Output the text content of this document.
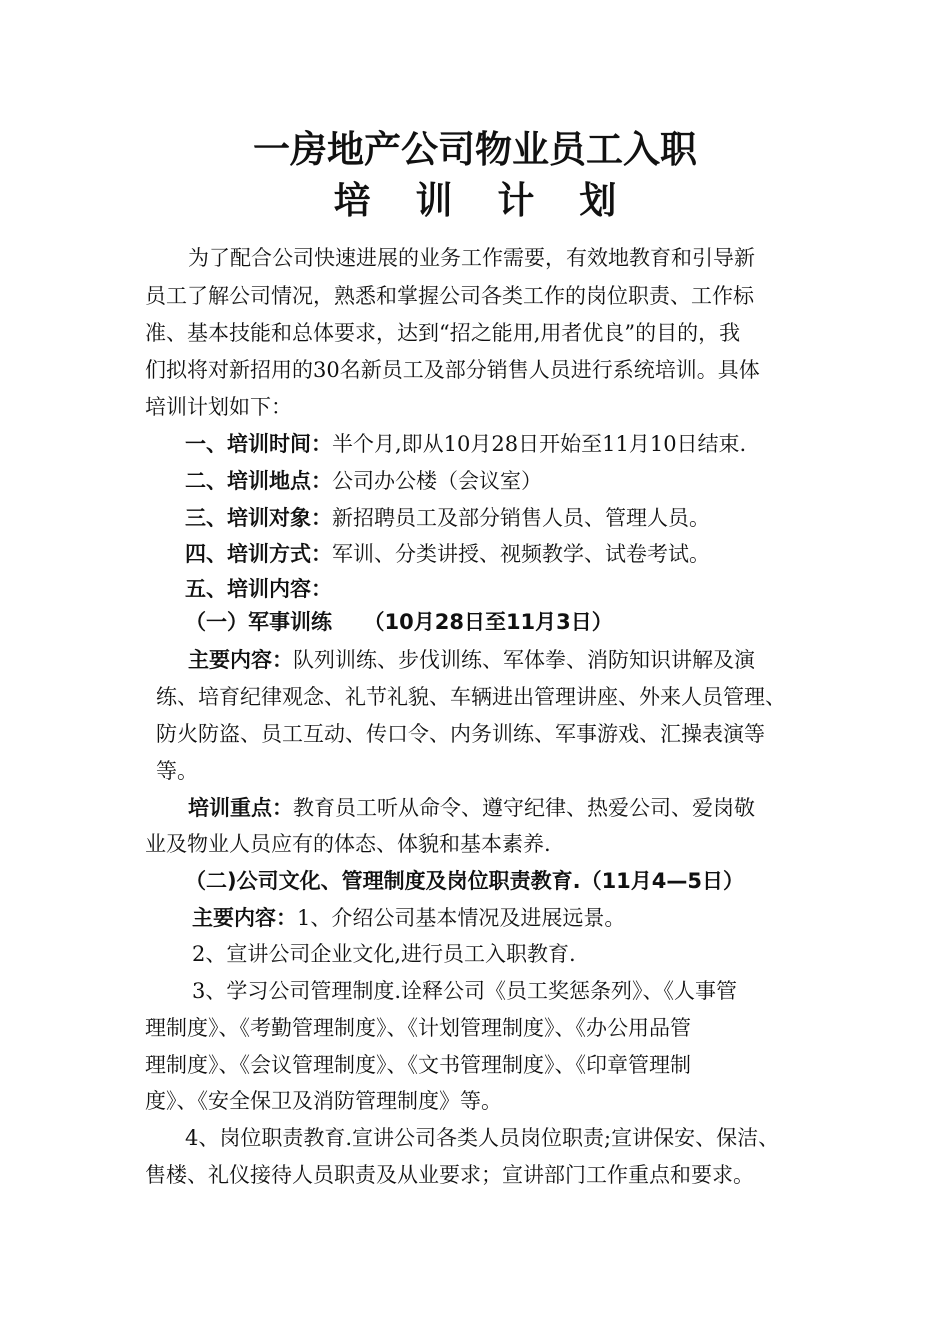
一房地产公司物业员工入职
培 训 计 划
为了配合公司快速进展的业务工作需要，有效地教育和引导新
员工了解公司情况，熟悉和掌握公司各类工作的岗位职责、工作标
准、基本技能和总体要求，达到“招之能用,用者优良”的目的，我
们拟将对新招用的30名新员工及部分销售人员进行系统培训。具体
培训计划如下：
一、培训时间：半个月,即从10月28日开始至11月10日结束.
二、培训地点：公司办公楼（会议室）
三、培训对象：新招聘员工及部分销售人员、管理人员。
四、培训方式：军训、分类讲授、视频教学、试卷考试。
五、培训内容：
（一）军事训练　　（10月28日至11月3日）
主要内容：队列训练、步伐训练、军体拳、消防知识讲解及演
练、培育纪律观念、礼节礼貌、车辆进出管理讲座、外来人员管理、
防火防盗、员工互动、传口令、内务训练、军事游戏、汇操表演等
等。
培训重点：教育员工听从命令、遵守纪律、热爱公司、爱岗敬
业及物业人员应有的体态、体貌和基本素养.
（二)公司文化、管理制度及岗位职责教育.（11月4—5日）
主要内容：1、介绍公司基本情况及进展远景。
2、宣讲公司企业文化,进行员工入职教育.
3、学习公司管理制度.诠释公司《员工奖惩条列》、《人事管
理制度》、《考勤管理制度》、《计划管理制度》、《办公用品管
理制度》、《会议管理制度》、《文书管理制度》、《印章管理制
度》、《安全保卫及消防管理制度》等。
4、岗位职责教育.宣讲公司各类人员岗位职责;宣讲保安、保洁、
售楼、礼仪接待人员职责及从业要求；宣讲部门工作重点和要求。
